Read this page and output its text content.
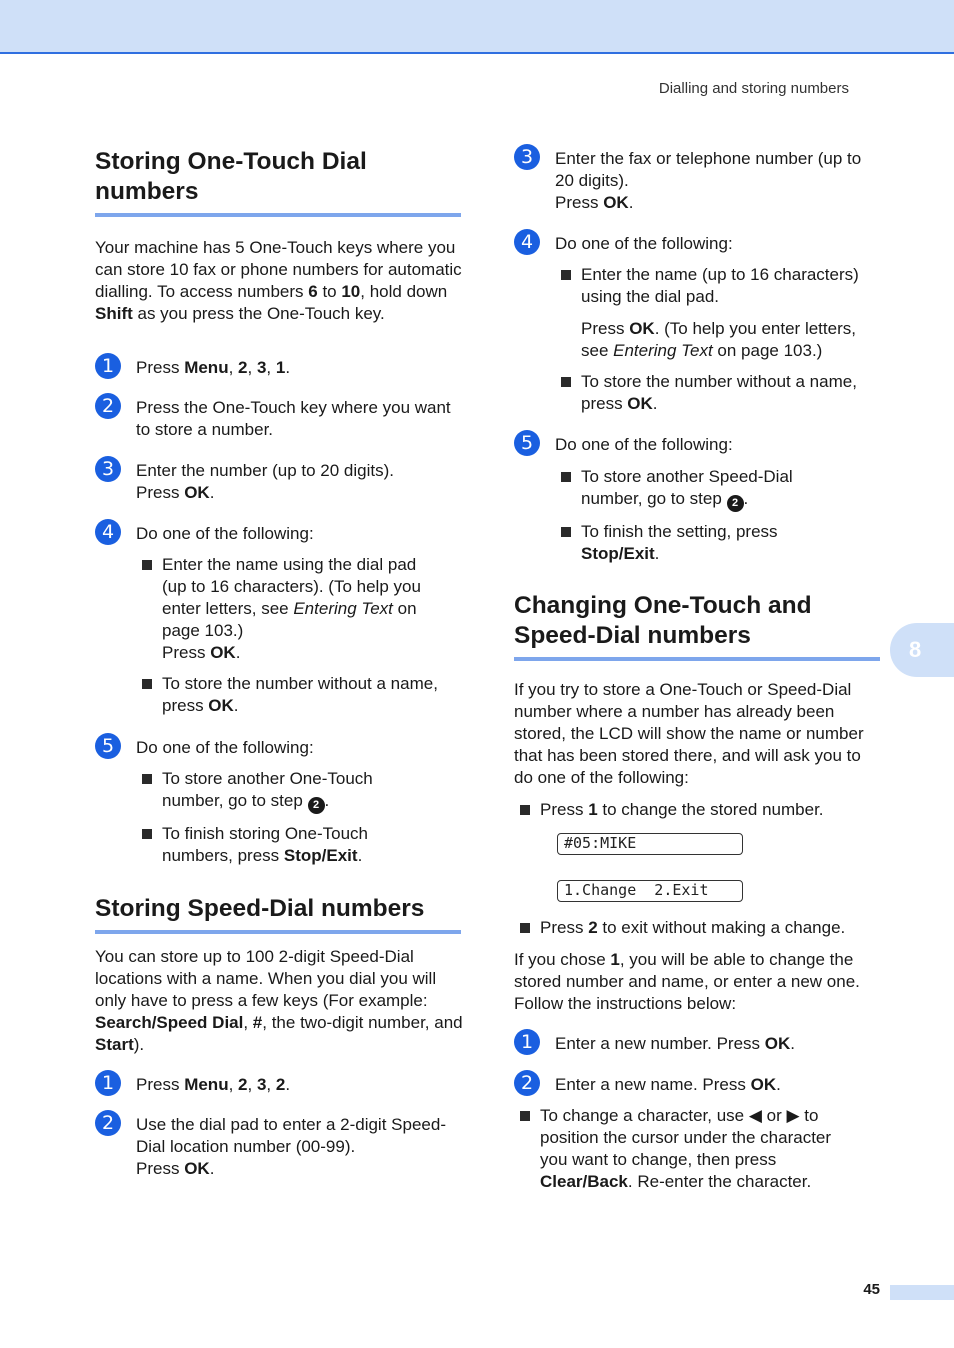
Dialling and storing numbers
Storing One-Touch Dial numbers

Your machine has 5 One-Touch keys where you can store 10 fax or phone numbers for automatic dialling. To access numbers 6 to 10, hold down Shift as you press the One-Touch key.

1	Press Menu, 2, 3, 1.
2	Press the One-Touch key where you want to store a number.
3	Enter the number (up to 20 digits).
Press OK.
4	Do one of the following:
Enter the name using the dial pad (up to 16 characters). (To help you enter letters, see Entering Text on page 103.)
Press OK.
To store the number without a name, press OK.
5	Do one of the following:
To store another One-Touch number, go to step 2 .
To finish storing One-Touch numbers, press Stop/Exit.
Storing Speed-Dial numbers

You can store up to 100 2-digit Speed-Dial locations with a name. When you dial you will only have to press a few keys (For example: Search/Speed Dial, #, the two-digit number, and Start).

1	Press Menu, 2, 3, 2.
2	Use the dial pad to enter a 2-digit Speed-Dial location number (00-99).
Press OK.
3	Enter the fax or telephone number (up to 20 digits).
Press OK.
4	Do one of the following:
Enter the name (up to 16 characters) using the dial pad.
Press OK. (To help you enter letters, see Entering Text on page 103.)
To store the number without a name, press OK.
5	Do one of the following:
To store another Speed-Dial number, go to step 2 .
To finish the setting, press
Stop/Exit.
Changing One-Touch and Speed-Dial numbers

If you try to store a One-Touch or Speed-Dial number where a number has already been stored, the LCD will show the name or number that has been stored there, and will ask you to do one of the following:

Press 1 to change the stored number.
#05:MIKE
1.Change  2.Exit
Press 2 to exit without making a change.

If you chose 1, you will be able to change the stored number and name, or enter a new one. Follow the instructions below:

1	Enter a new number. Press OK.
2	Enter a new name. Press OK.
To change a character, use ◀ or ▶ to position the cursor under the character you want to change, then press Clear/Back. Re-enter the character.
8
45
